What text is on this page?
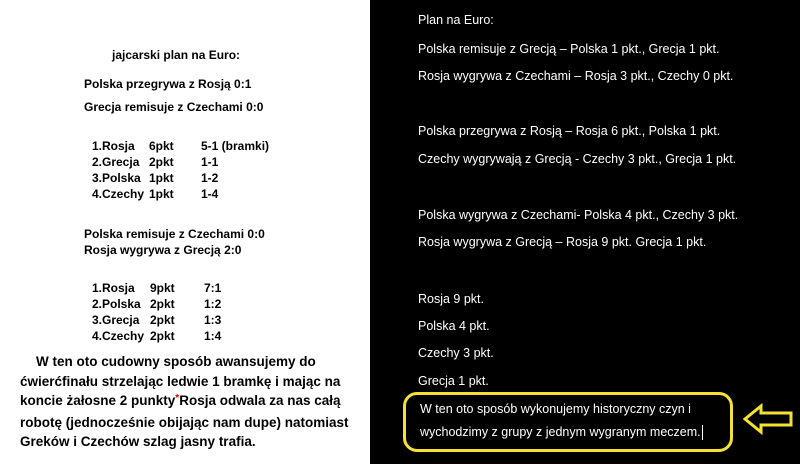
jajcarski plan na Euro:
Polska przegrywa z Rosją 0:1
Grecja remisuje z Czechami 0:0
1.Rosja 6pkt 5-1 (bramki)
2.Grecja 2pkt 1-1
3.Polska 1pkt 1-2
4.Czechy 1pkt 1-4
Polska remisuje z Czechami 0:0
Rosja wygrywa z Grecją 2:0
1.Rosja 9pkt 7:1
2.Polska 2pkt 1:2
3.Grecja 2pkt 1:3
4.Czechy 2pkt 1:4

W ten oto cudowny sposób awansujemy do

ćwierćfinału strzelając ledwie 1 bramkę i mając na

koncie żałosne 2 punkty*Rosja odwala za nas całą

robotę (jednocześnie obijając nam dupe) natomiast

Greków i Czechów szlag jasny trafia.

Plan na Euro:
Polska remisuje z Grecją – Polska 1 pkt., Grecja 1 pkt.
Rosja wygrywa z Czechami – Rosja 3 pkt., Czechy 0 pkt.
Polska przegrywa z Rosją – Rosja 6 pkt., Polska 1 pkt.
Czechy wygrywają z Grecją - Czechy 3 pkt., Grecja 1 pkt.
Polska wygrywa z Czechami- Polska 4 pkt., Czechy 3 pkt.
Rosja wygrywa z Grecją – Rosja 9 pkt. Grecja 1 pkt.
Rosja 9 pkt.
Polska 4 pkt.
Czechy 3 pkt.
Grecja 1 pkt.

W ten oto sposób wykonujemy historyczny czyn i

wychodzimy z grupy z jednym wygranym meczem.
